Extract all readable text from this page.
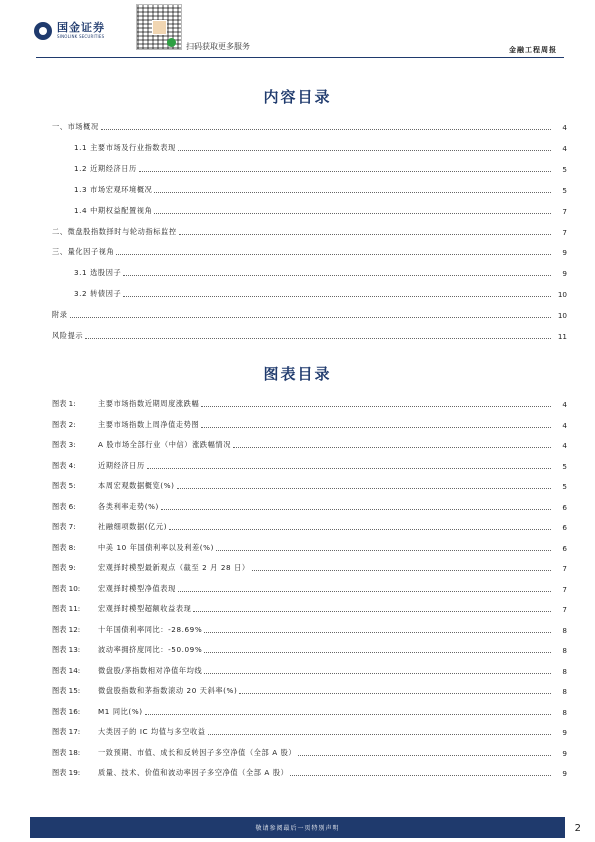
国金证券
SINOLINK SECURITIES
扫码获取更多服务	金融工程周报
内容目录
一、市场概况	4
1.1 主要市场及行业指数表现	4
1.2 近期经济日历	5
1.3 市场宏观环境概况	5
1.4 中期权益配置视角	7
二、微盘股指数择时与轮动指标监控	7
三、量化因子视角	9
3.1 选股因子	9
3.2 转债因子	10
附录	10
风险提示	11
图表目录
图表 1:	主要市场指数近期周度涨跌幅	4
图表 2:	主要市场指数上周净值走势图	4
图表 3:	A 股市场全部行业（中信）涨跌幅情况	4
图表 4:	近期经济日历	5
图表 5:	本周宏观数据概览(%)	5
图表 6:	各类利率走势(%)	6
图表 7:	社融细项数据(亿元)	6
图表 8:	中美 10 年国债利率以及利差(%)	6
图表 9:	宏观择时模型最新观点（截至 2 月 28 日）	7
图表 10:	宏观择时模型净值表现	7
图表 11:	宏观择时模型超额收益表现	7
图表 12:	十年国债利率同比：-28.69%	8
图表 13:	波动率拥挤度同比：-50.09%	8
图表 14:	微盘股/茅指数相对净值年均线	8
图表 15:	微盘股指数和茅指数滚动 20 天斜率(%)	8
图表 16:	M1 同比(%)	8
图表 17:	大类因子的 IC 均值与多空收益	9
图表 18:	一致预期、市值、成长和反转因子多空净值（全部 A 股）	9
图表 19:	质量、技术、价值和波动率因子多空净值（全部 A 股）	9
敬请参阅最后一页特别声明	2
